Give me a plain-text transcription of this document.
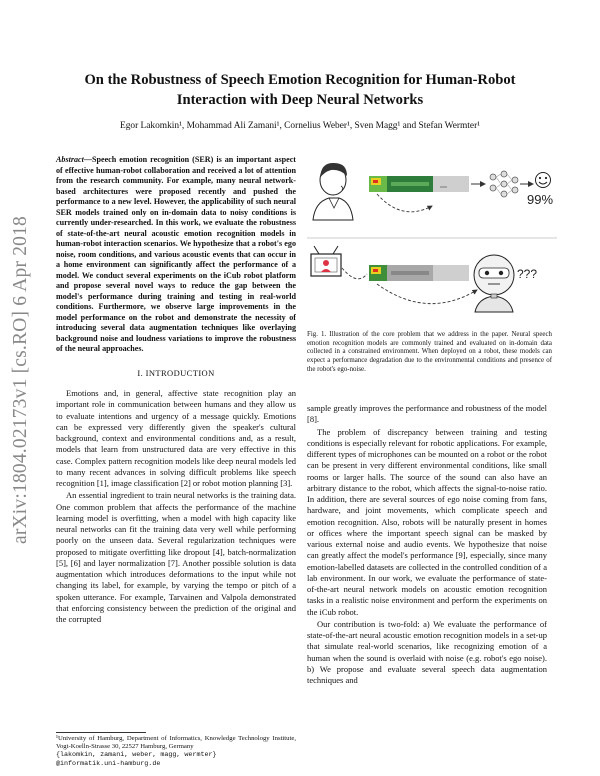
On the Robustness of Speech Emotion Recognition for Human-Robot
Interaction with Deep Neural Networks
Egor Lakomkin¹, Mohammad Ali Zamani¹, Cornelius Weber¹, Sven Magg¹ and Stefan Wermter¹
arXiv:1804.02173v1 [cs.RO] 6 Apr 2018
Abstract—Speech emotion recognition (SER) is an important aspect of effective human-robot collaboration and received a lot of attention from the research community. For example, many neural network-based architectures were proposed recently and pushed the performance to a new level. However, the applicability of such neural SER models trained only on in-domain data to noisy conditions is currently under-researched. In this work, we evaluate the robustness of state-of-the-art neural acoustic emotion recognition models in human-robot interaction scenarios. We hypothesize that a robot's ego noise, room conditions, and various acoustic events that can occur in a home environment can significantly affect the performance of a model. We conduct several experiments on the iCub robot platform and propose several novel ways to reduce the gap between the model's performance during training and testing in real-world conditions. Furthermore, we observe large improvements in the model performance on the robot and demonstrate the necessity of introducing several data augmentation techniques like overlaying background noise and loudness variations to improve the robustness of the neural approaches.
I. INTRODUCTION

Emotions and, in general, affective state recognition play an important role in communication between humans and they allow us to evaluate intentions and urgency of a message quickly. Emotions can be expressed very differently given the speaker's cultural background, context and environmental conditions and, as a result, models that learn from unstructured data are very effective in this case. Complex pattern recognition models like deep neural models led to many recent advances in solving difficult problems like speech recognition [1], image classification [2] or robot motion planning [3].

An essential ingredient to train neural networks is the training data. One common problem that affects the performance of the machine learning model is overfitting, when a model with high capacity like neural networks can fit the training data very well while performing poorly on the unseen data. Several regularization techniques were proposed to mitigate overfitting like dropout [4], batch-normalization [5], [6] and layer normalization [7]. Another possible solution is data augmentation which introduces deformations to the input while not changing its label, for example, by varying the tempo or pitch of a spoken utterance. For example, Tarvainen and Valpola demonstrated that enforcing consistency between the prediction of the original and the corrupted

¹University of Hamburg, Department of Informatics, Knowledge Technology Institute, Vogt-Koelln-Strasse 30, 22527 Hamburg, Germany
{lakomkin, zamani, weber, magg, wermter}
@informatik.uni-hamburg.de
99%
???
Fig. 1. Illustration of the core problem that we address in the paper. Neural speech emotion recognition models are commonly trained and evaluated on in-domain data collected in a constrained environment. When deployed on a robot, these models can expect a performance degradation due to the environmental conditions and presence of the robot's ego-noise.

sample greatly improves the performance and robustness of the model [8].

The problem of discrepancy between training and testing conditions is especially relevant for robotic applications. For example, different types of microphones can be mounted on a robot or the robot can be present in very different environmental conditions, like small rooms or larger halls. The source of the sound can also have an arbitrary distance to the robot, which affects the signal-to-noise ratio. In addition, there are several sources of ego noise coming from fans, hardware, and joint movements, which complicate speech and emotion recognition. Also, robots will be naturally present in homes or offices where the important speech signal can be masked by various external noise and audio events. We hypothesize that noise can greatly affect the model's performance [9], especially, since many emotion-labelled datasets are collected in the controlled condition of a lab environment. In our work, we evaluate the performance of state-of-the-art neural network models on acoustic emotion recognition tasks in a realistic noise environment and perform the experiments on the iCub robot.

Our contribution is two-fold: a) We evaluate the performance of state-of-the-art neural acoustic emotion recognition models in a set-up that simulate real-world scenarios, like recognizing emotion of a human when the sound is overlaid with noise (e.g. robot's ego noise). b) We propose and evaluate several speech data augmentation techniques and
